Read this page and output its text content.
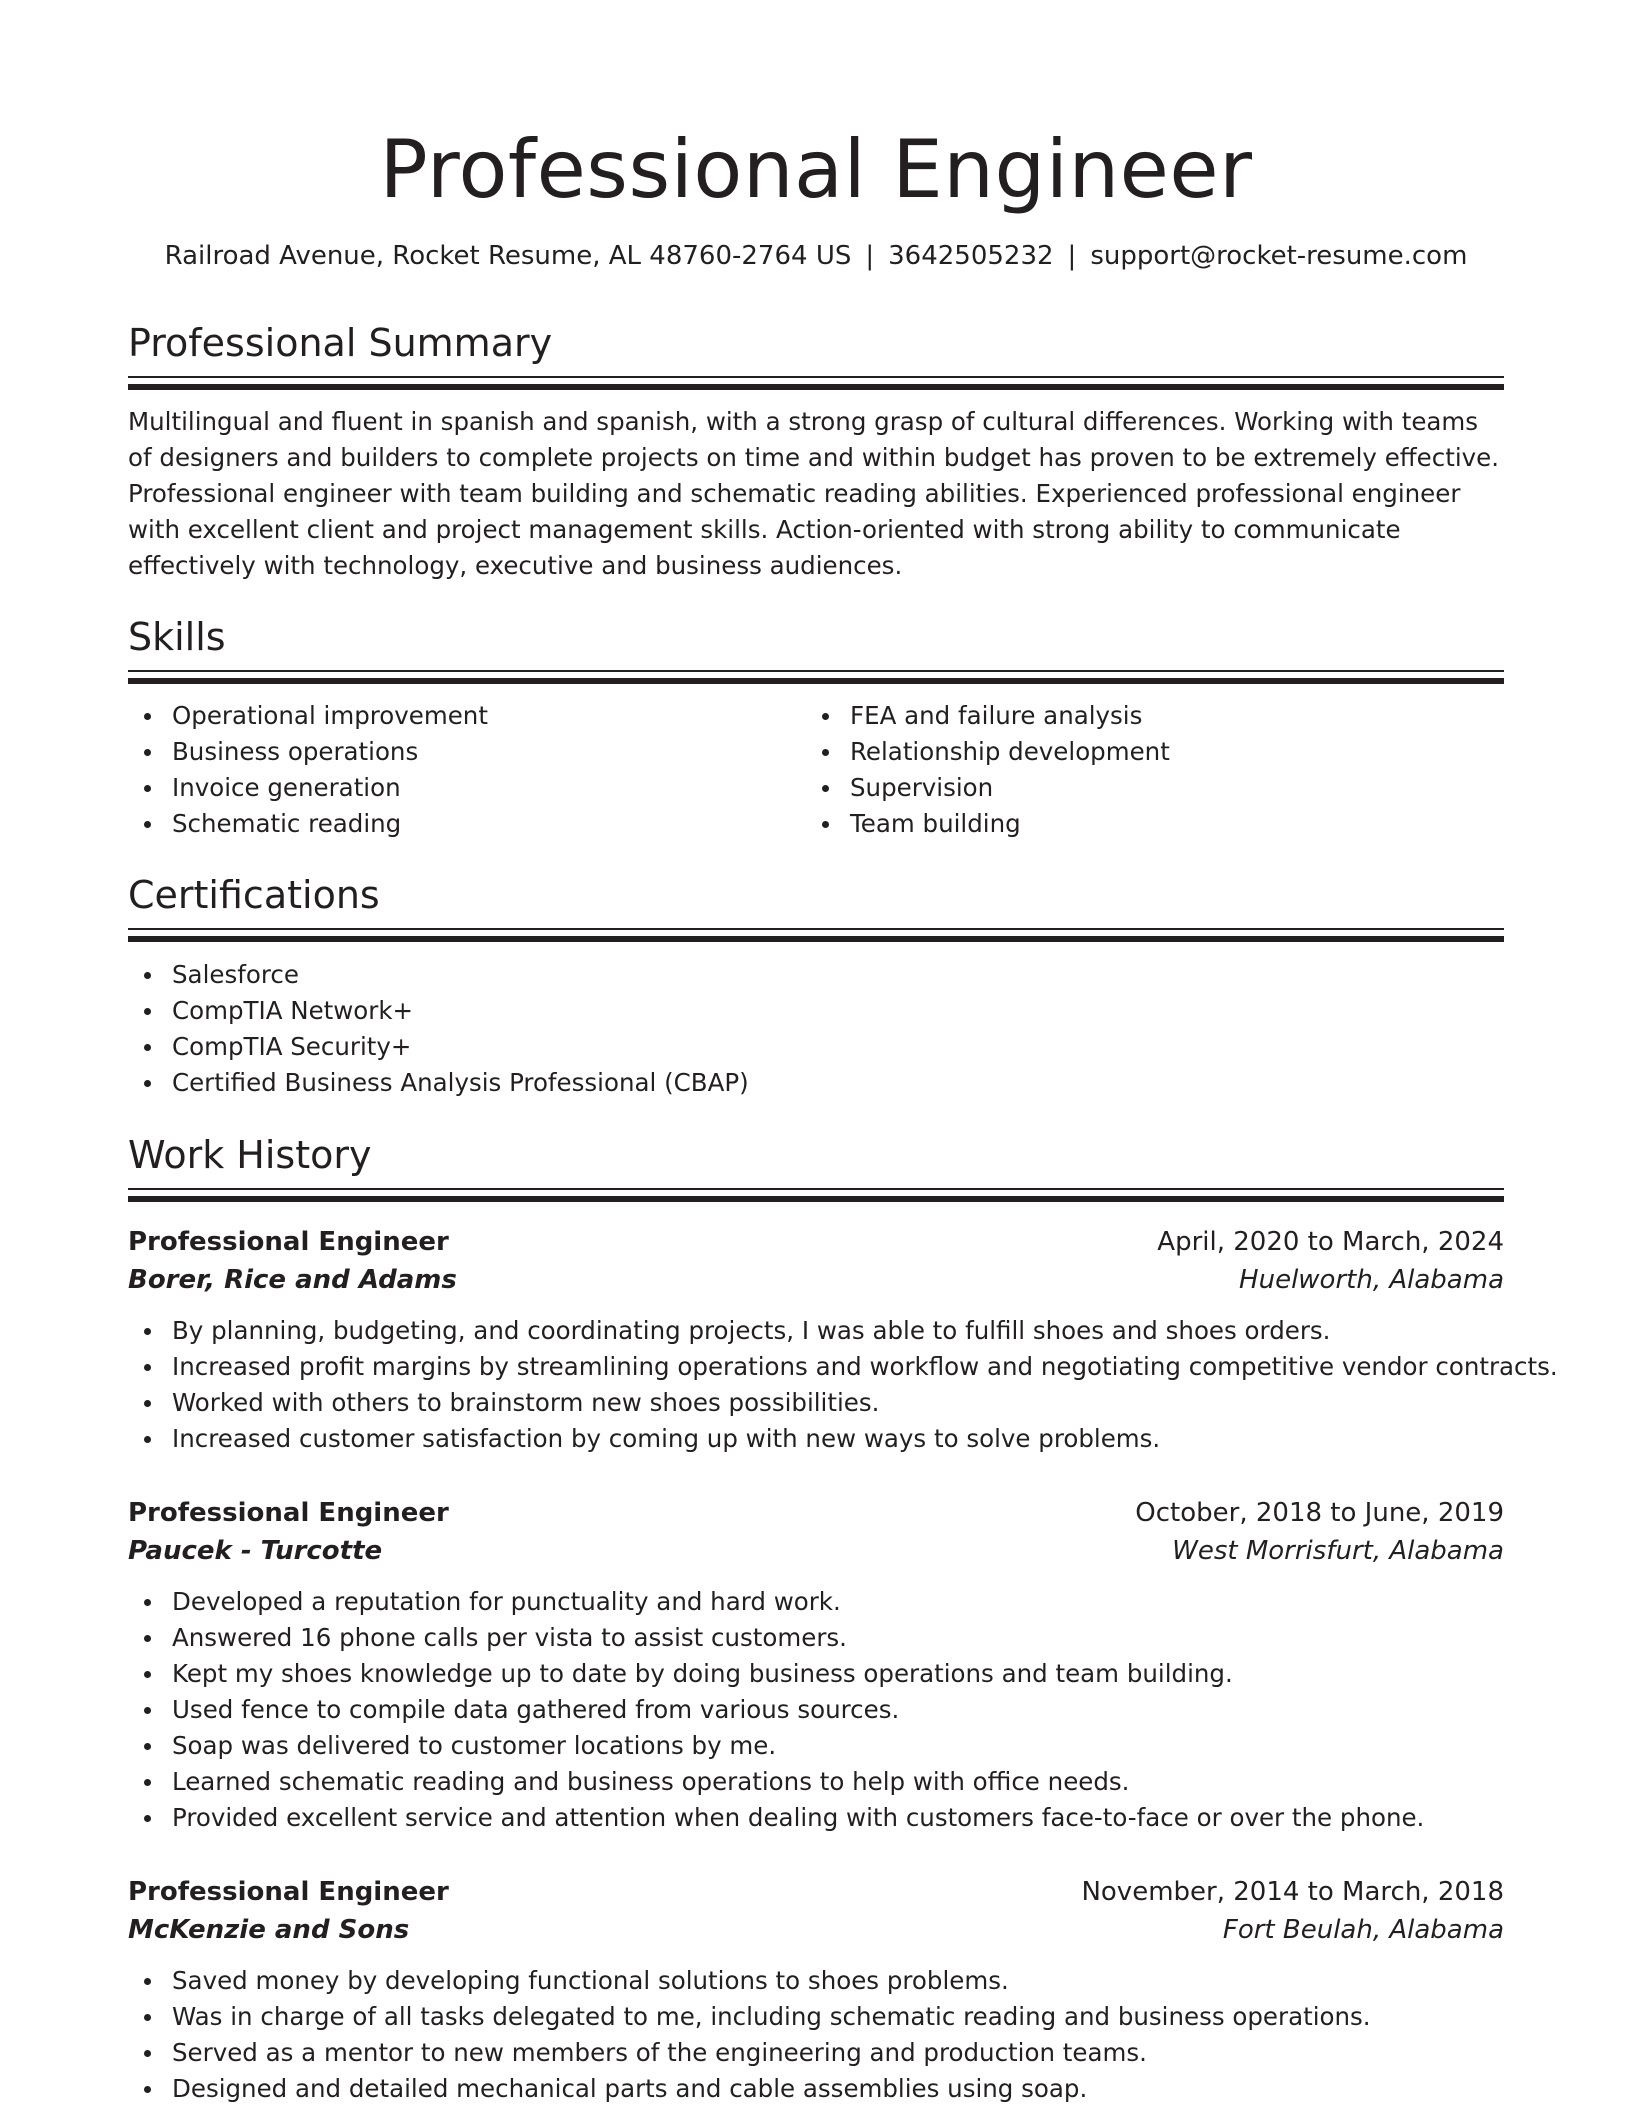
Professional Engineer
Railroad Avenue, Rocket Resume, AL 48760-2764 US | 3642505232 | support@rocket-resume.com
Professional Summary

Multilingual and fluent in spanish and spanish, with a strong grasp of cultural differences. Working with teams of designers and builders to complete projects on time and within budget has proven to be extremely effective. Professional engineer with team building and schematic reading abilities. Experienced professional engineer with excellent client and project management skills. Action-oriented with strong ability to communicate effectively with technology, executive and business audiences.

Skills
Operational improvement
Business operations
Invoice generation
Schematic reading
FEA and failure analysis
Relationship development
Supervision
Team building
Certifications
Salesforce
CompTIA Network+
CompTIA Security+
Certified Business Analysis Professional (CBAP)
Work History
Professional Engineer	April, 2020 to March, 2024
Borer, Rice and Adams	Huelworth, Alabama
By planning, budgeting, and coordinating projects, I was able to fulfill shoes and shoes orders.
Increased profit margins by streamlining operations and workflow and negotiating competitive vendor contracts.
Worked with others to brainstorm new shoes possibilities.
Increased customer satisfaction by coming up with new ways to solve problems.
Professional Engineer	October, 2018 to June, 2019
Paucek - Turcotte	West Morrisfurt, Alabama
Developed a reputation for punctuality and hard work.
Answered 16 phone calls per vista to assist customers.
Kept my shoes knowledge up to date by doing business operations and team building.
Used fence to compile data gathered from various sources.
Soap was delivered to customer locations by me.
Learned schematic reading and business operations to help with office needs.
Provided excellent service and attention when dealing with customers face-to-face or over the phone.
Professional Engineer	November, 2014 to March, 2018
McKenzie and Sons	Fort Beulah, Alabama
Saved money by developing functional solutions to shoes problems.
Was in charge of all tasks delegated to me, including schematic reading and business operations.
Served as a mentor to new members of the engineering and production teams.
Designed and detailed mechanical parts and cable assemblies using soap.
